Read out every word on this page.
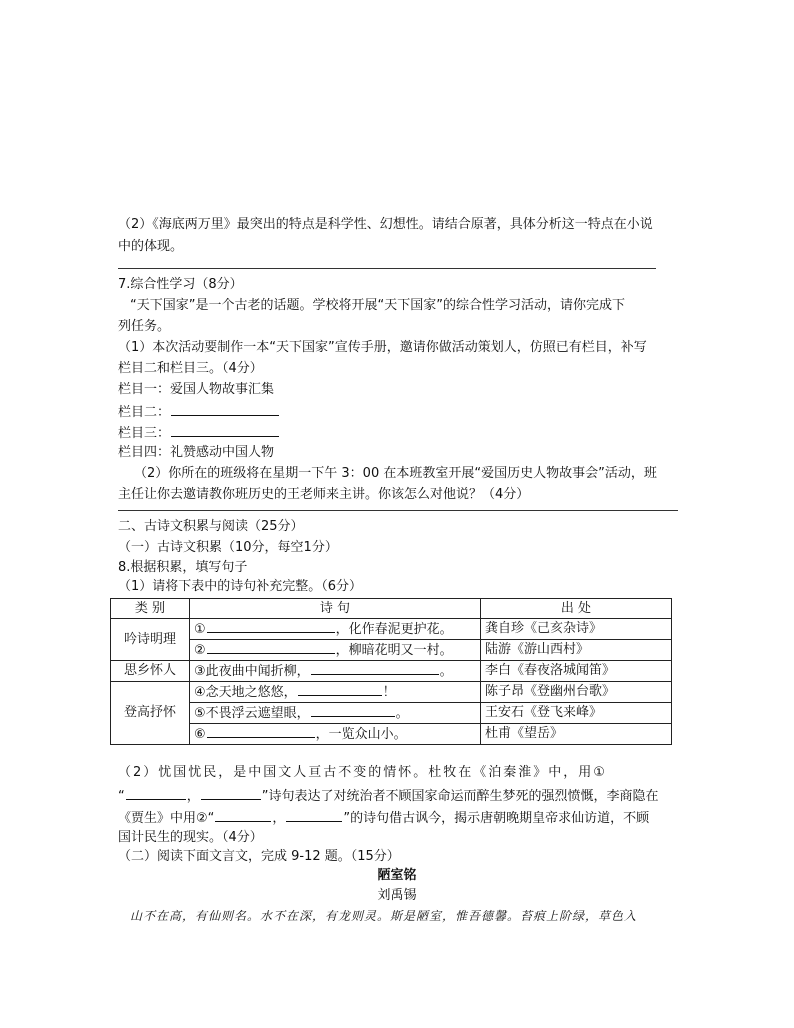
（2）《海底两万里》最突出的特点是科学性、幻想性。请结合原著，具体分析这一特点在小说
中的体现。
7.综合性学习（8分）
“天下国家”是一个古老的话题。学校将开展“天下国家”的综合性学习活动，请你完成下
列任务。
（1）本次活动要制作一本“天下国家”宣传手册，邀请你做活动策划人，仿照已有栏目，补写
栏目二和栏目三。（4分）
栏目一：爱国人物故事汇集
栏目二：
栏目三：
栏目四：礼赞感动中国人物
（2）你所在的班级将在星期一下午 3：00 在本班教室开展“爱国历史人物故事会”活动，班
主任让你去邀请教你班历史的王老师来主讲。你该怎么对他说？（4分）
二、古诗文积累与阅读（25分）
（一）古诗文积累（10分，每空1分）
8.根据积累，填写句子
（1）请将下表中的诗句补充完整。（6分）
类 别	诗 句	出 处
吟诗明理	① ，化作春泥更护花。	龚自珍《己亥杂诗》
	② ，柳暗花明又一村。	陆游《游山西村》
思乡怀人	③此夜曲中闻折柳， 。	李白《春夜洛城闻笛》
登高抒怀	④念天地之悠悠， ！	陈子昂《登幽州台歌》
	⑤不畏浮云遮望眼， 。	王安石《登飞来峰》
	⑥ ，一览众山小。	杜甫《望岳》
（2）忧国忧民，是中国文人亘古不变的情怀。杜牧在《泊秦淮》中，用①
“	，	”诗句表达了对统治者不顾国家命运而醉生梦死的强烈愤慨，李商隐在
《贾生》中用②“	，	”的诗句借古讽今，揭示唐朝晚期皇帝求仙访道，不顾
国计民生的现实。（4分）
（二）阅读下面文言文，完成 9-12 题。（15分）
陋室铭
刘禹锡
山不在高，有仙则名。水不在深，有龙则灵。斯是陋室，惟吾德馨。苔痕上阶绿，草色入
